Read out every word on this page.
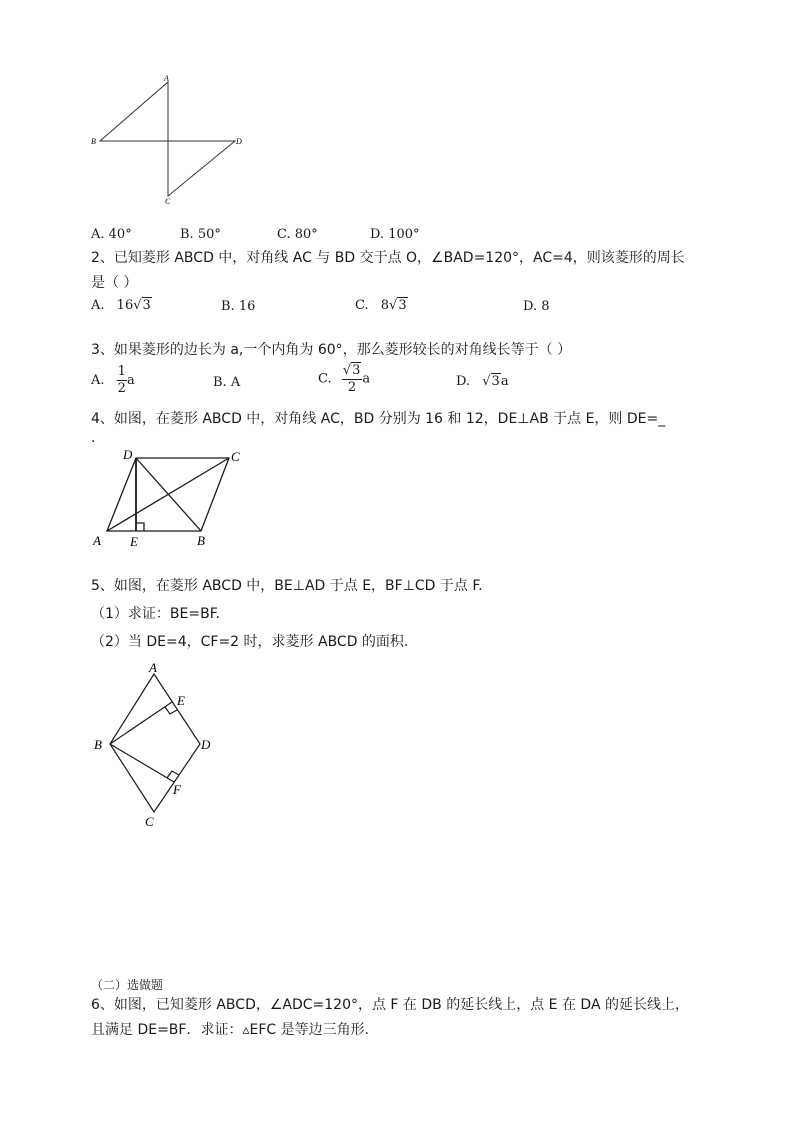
A
B	D
C
A. 40°	B. 50°	C. 80°	D. 100°
2、已知菱形 ABCD 中，对角线 AC 与 BD 交于点 O，∠BAD=120°，AC=4，则该菱形的周长
是（ ）
A. 16√3	B. 16	C. 8√3	D. 8
3、如果菱形的边长为 a,一个内角为 60°，那么菱形较长的对角线长等于（ ）
A. $\frac{1}{2}$ a	B. A	C. $\frac{√3}{2}$ a	D. √3a
4、如图，在菱形 ABCD 中，对角线 AC，BD 分别为 16 和 12，DE⊥AB 于点 E，则 DE=_
.
D	C
A E	B
5、如图，在菱形 ABCD 中，BE⊥AD 于点 E，BF⊥CD 于点 F.
（1）求证：BE=BF.
（2）当 DE=4，CF=2 时，求菱形 ABCD 的面积.
A
E
B	D
F
C
（二）选做题
6、如图，已知菱形 ABCD，∠ADC=120°，点 F 在 DB 的延长线上，点 E 在 DA 的延长线上，
且满足 DE=BF．求证：▵EFC 是等边三角形.
